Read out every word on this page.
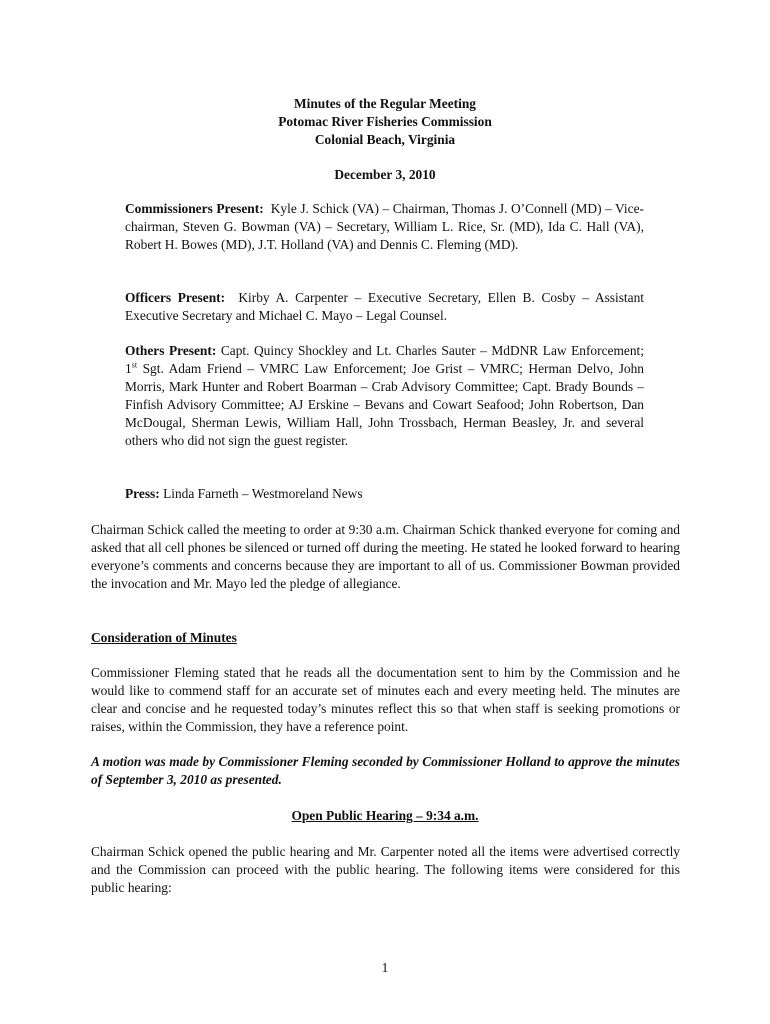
Minutes of the Regular Meeting
Potomac River Fisheries Commission
Colonial Beach, Virginia
December 3, 2010
Commissioners Present: Kyle J. Schick (VA) – Chairman, Thomas J. O’Connell (MD) – Vice-chairman, Steven G. Bowman (VA) – Secretary, William L. Rice, Sr. (MD), Ida C. Hall (VA), Robert H. Bowes (MD), J.T. Holland (VA) and Dennis C. Fleming (MD).
Officers Present: Kirby A. Carpenter – Executive Secretary, Ellen B. Cosby – Assistant Executive Secretary and Michael C. Mayo – Legal Counsel.
Others Present: Capt. Quincy Shockley and Lt. Charles Sauter – MdDNR Law Enforcement; 1st Sgt. Adam Friend – VMRC Law Enforcement; Joe Grist – VMRC; Herman Delvo, John Morris, Mark Hunter and Robert Boarman – Crab Advisory Committee; Capt. Brady Bounds – Finfish Advisory Committee; AJ Erskine – Bevans and Cowart Seafood; John Robertson, Dan McDougal, Sherman Lewis, William Hall, John Trossbach, Herman Beasley, Jr. and several others who did not sign the guest register.
Press: Linda Farneth – Westmoreland News
Chairman Schick called the meeting to order at 9:30 a.m. Chairman Schick thanked everyone for coming and asked that all cell phones be silenced or turned off during the meeting. He stated he looked forward to hearing everyone’s comments and concerns because they are important to all of us. Commissioner Bowman provided the invocation and Mr. Mayo led the pledge of allegiance.
Consideration of Minutes
Commissioner Fleming stated that he reads all the documentation sent to him by the Commission and he would like to commend staff for an accurate set of minutes each and every meeting held. The minutes are clear and concise and he requested today’s minutes reflect this so that when staff is seeking promotions or raises, within the Commission, they have a reference point.
A motion was made by Commissioner Fleming seconded by Commissioner Holland to approve the minutes of September 3, 2010 as presented.
Open Public Hearing – 9:34 a.m.
Chairman Schick opened the public hearing and Mr. Carpenter noted all the items were advertised correctly and the Commission can proceed with the public hearing. The following items were considered for this public hearing:
1
